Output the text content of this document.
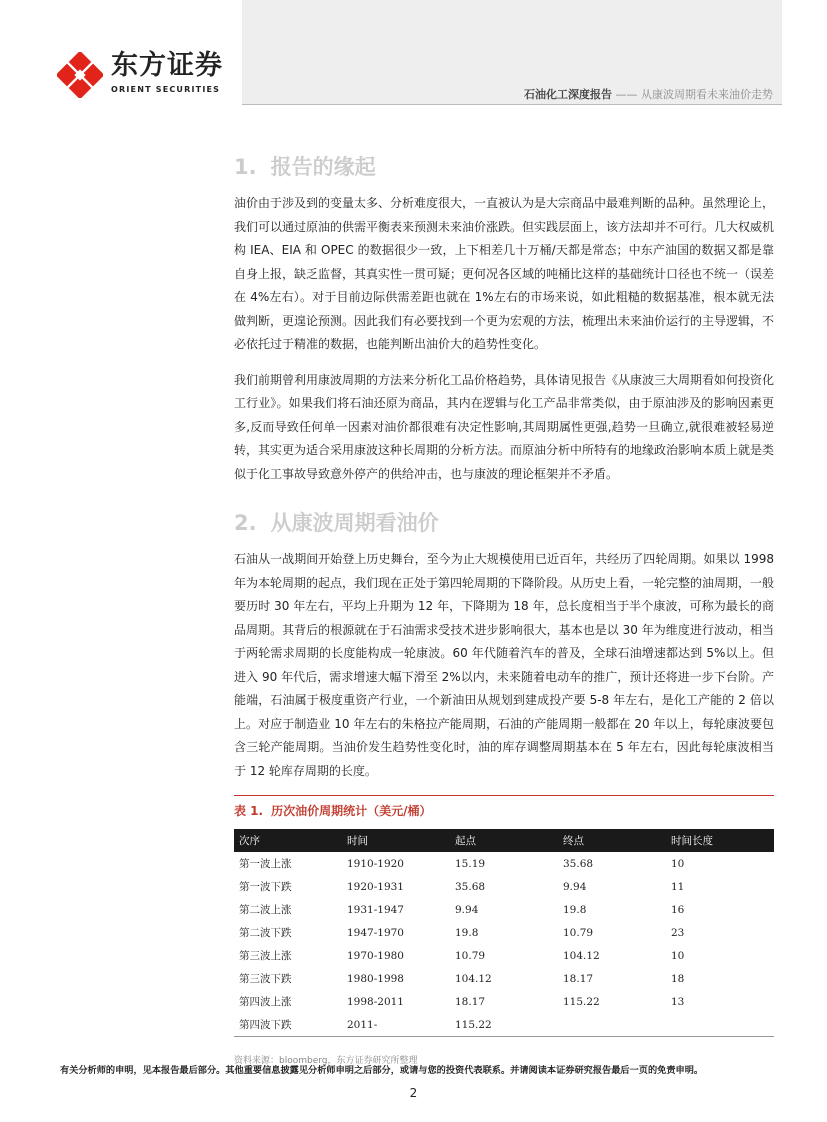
东方证券
ORIENT SECURITIES	石油化工深度报告 —— 从康波周期看未来油价走势
1. 报告的缘起

油价由于涉及到的变量太多、分析难度很大，一直被认为是大宗商品中最难判断的品种。虽然理论上，我们可以通过原油的供需平衡表来预测未来油价涨跌。但实践层面上，该方法却并不可行。几大权威机构 IEA、EIA 和 OPEC 的数据很少一致，上下相差几十万桶/天都是常态；中东产油国的数据又都是靠自身上报，缺乏监督，其真实性一贯可疑；更何况各区域的吨桶比这样的基础统计口径也不统一（误差在 4%左右）。对于目前边际供需差距也就在 1%左右的市场来说，如此粗糙的数据基准，根本就无法做判断，更遑论预测。因此我们有必要找到一个更为宏观的方法，梳理出未来油价运行的主导逻辑，不必依托过于精准的数据，也能判断出油价大的趋势性变化。

我们前期曾利用康波周期的方法来分析化工品价格趋势，具体请见报告《从康波三大周期看如何投资化工行业》。如果我们将石油还原为商品，其内在逻辑与化工产品非常类似，由于原油涉及的影响因素更多,反而导致任何单一因素对油价都很难有决定性影响,其周期属性更强,趋势一旦确立,就很难被轻易逆转，其实更为适合采用康波这种长周期的分析方法。而原油分析中所特有的地缘政治影响本质上就是类似于化工事故导致意外停产的供给冲击，也与康波的理论框架并不矛盾。

2. 从康波周期看油价

石油从一战期间开始登上历史舞台，至今为止大规模使用已近百年，共经历了四轮周期。如果以 1998 年为本轮周期的起点，我们现在正处于第四轮周期的下降阶段。从历史上看，一轮完整的油周期，一般要历时 30 年左右，平均上升期为 12 年，下降期为 18 年，总长度相当于半个康波，可称为最长的商品周期。其背后的根源就在于石油需求受技术进步影响很大，基本也是以 30 年为维度进行波动，相当于两轮需求周期的长度能构成一轮康波。60 年代随着汽车的普及，全球石油增速都达到 5%以上。但进入 90 年代后，需求增速大幅下滑至 2%以内，未来随着电动车的推广，预计还将进一步下台阶。产能端，石油属于极度重资产行业，一个新油田从规划到建成投产要 5-8 年左右，是化工产能的 2 倍以上。对应于制造业 10 年左右的朱格拉产能周期，石油的产能周期一般都在 20 年以上，每轮康波要包含三轮产能周期。当油价发生趋势性变化时，油的库存调整周期基本在 5 年左右，因此每轮康波相当于 12 轮库存周期的长度。

表 1. 历次油价周期统计（美元/桶）
次序	时间	起点	终点	时间长度
第一波上涨	1910-1920	15.19	35.68	10
第一波下跌	1920-1931	35.68	9.94	11
第二波上涨	1931-1947	9.94	19.8	16
第二波下跌	1947-1970	19.8	10.79	23
第三波上涨	1970-1980	10.79	104.12	10
第三波下跌	1980-1998	104.12	18.17	18
第四波上涨	1998-2011	18.17	115.22	13
第四波下跌	2011-	115.22		
资料来源：bloomberg，东方证券研究所整理
有关分析师的申明，见本报告最后部分。其他重要信息披露见分析师申明之后部分，或请与您的投资代表联系。并请阅读本证券研究报告最后一页的免责申明。
2
